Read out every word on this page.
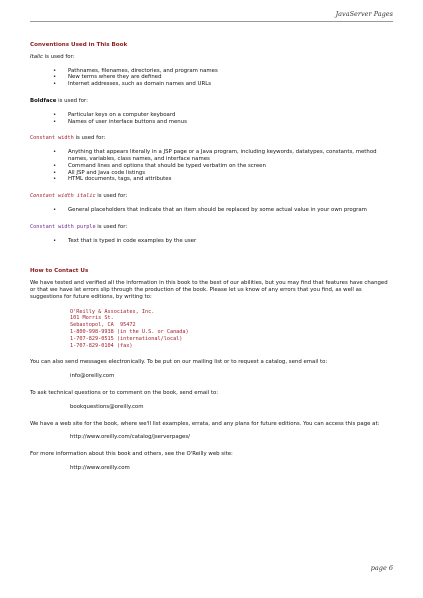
JavaServer Pages
Conventions Used in This Book

Italic is used for:

• Pathnames, filenames, directories, and program names
• New terms where they are defined
• Internet addresses, such as domain names and URLs

Boldface is used for:

• Particular keys on a computer keyboard
• Names of user interface buttons and menus

Constant width is used for:

• Anything that appears literally in a JSP page or a Java program, including keywords, datatypes, constants, method names, variables, class names, and interface names
• Command lines and options that should be typed verbatim on the screen
• All JSP and Java code listings
• HTML documents, tags, and attributes

Constant width italic is used for:

• General placeholders that indicate that an item should be replaced by some actual value in your own program

Constant width purple is used for:

• Text that is typed in code examples by the user
How to Contact Us

We have tested and verified all the information in this book to the best of our abilities, but you may find that features have changed or that we have let errors slip through the production of the book. Please let us know of any errors that you find, as well as suggestions for future editions, by writing to:

O'Reilly & Associates, Inc.
101 Morris St.
Sebastopol, CA  95472
1-800-998-9938 (in the U.S. or Canada)
1-707-829-0515 (international/local)
1-707-829-0104 (fax)

You can also send messages electronically. To be put on our mailing list or to request a catalog, send email to:

info@oreilly.com

To ask technical questions or to comment on the book, send email to:

bookquestions@oreilly.com

We have a web site for the book, where we'll list examples, errata, and any plans for future editions. You can access this page at:

http://www.oreilly.com/catalog/jserverpages/

For more information about this book and others, see the O'Reilly web site:

http://www.oreilly.com
page 6
